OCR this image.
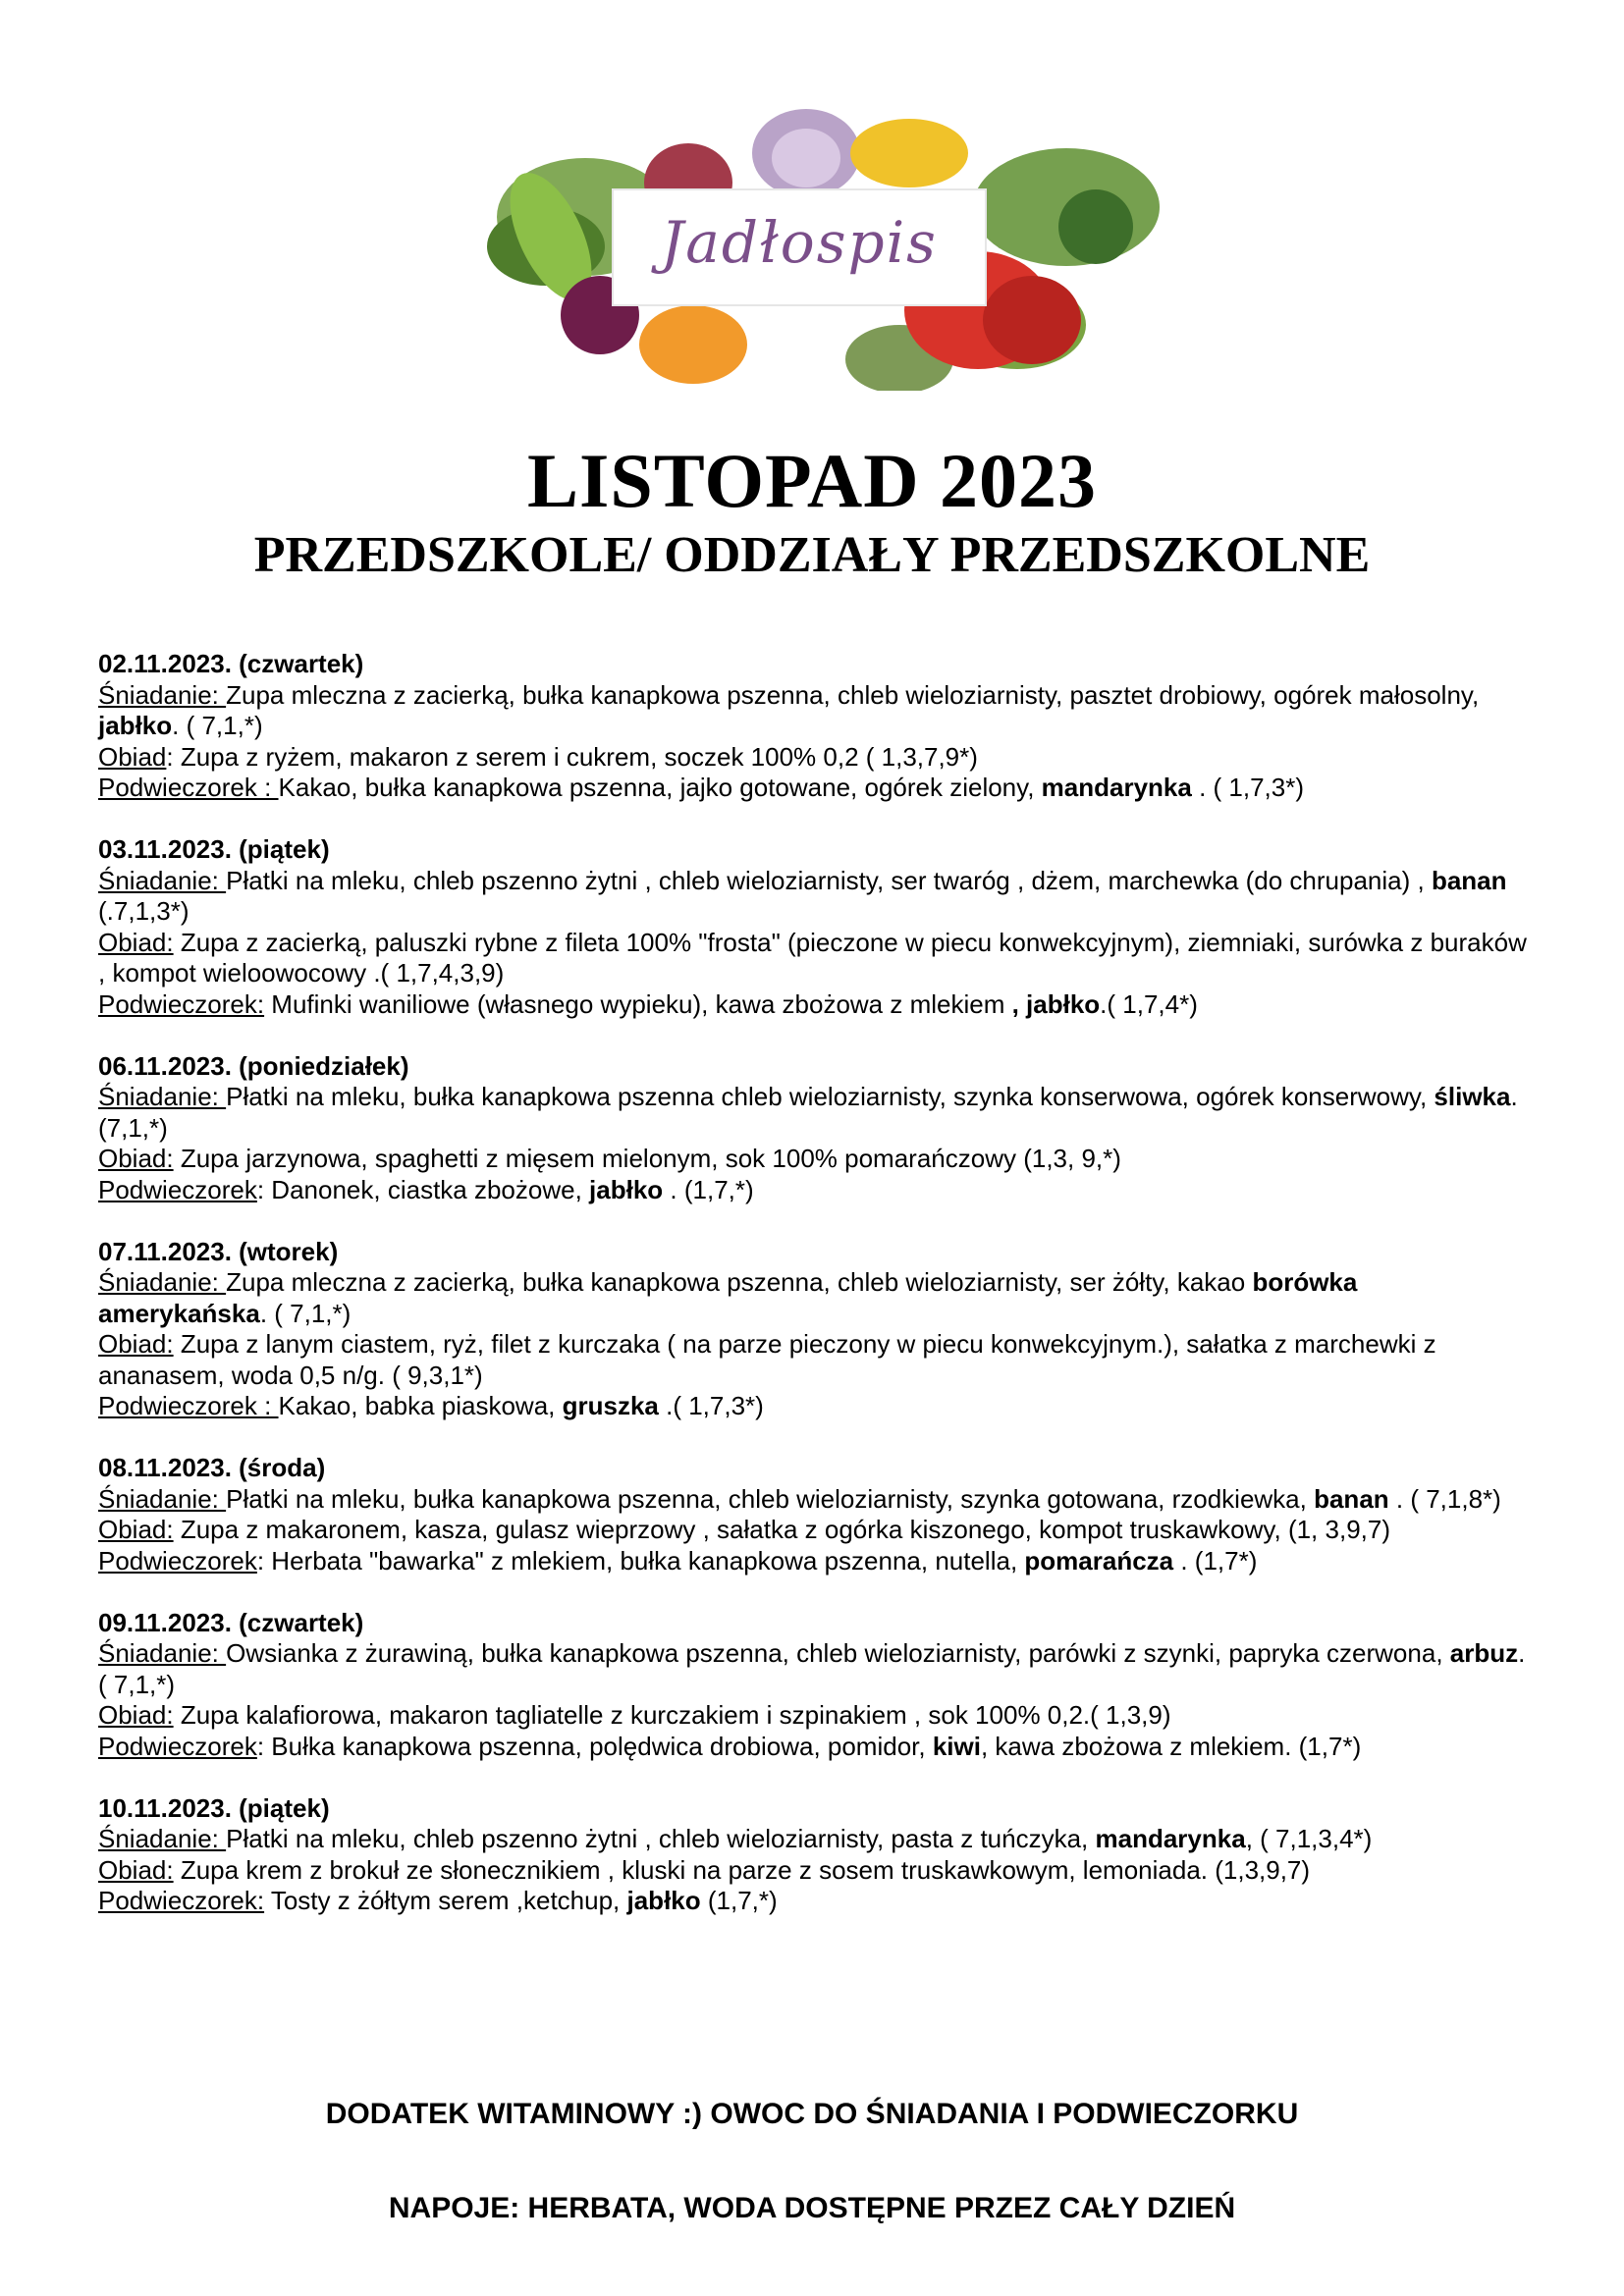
Jadłospis
LISTOPAD 2023
PRZEDSZKOLE/ ODDZIAŁY PRZEDSZKOLNE

02.11.2023. (czwartek)

Śniadanie: Zupa mleczna z zacierką, bułka kanapkowa pszenna, chleb wieloziarnisty, pasztet drobiowy, ogórek małosolny, jabłko. ( 7,1,*)

Obiad: Zupa z ryżem, makaron z serem i cukrem, soczek 100% 0,2 ( 1,3,7,9*)

Podwieczorek : Kakao, bułka kanapkowa pszenna, jajko gotowane, ogórek zielony, mandarynka . ( 1,7,3*)

03.11.2023. (piątek)

Śniadanie: Płatki na mleku, chleb pszenno żytni , chleb wieloziarnisty, ser twaróg , dżem, marchewka (do chrupania) , banan (.7,1,3*)

Obiad: Zupa z zacierką, paluszki rybne z fileta 100% "frosta" (pieczone w piecu konwekcyjnym), ziemniaki, surówka z buraków , kompot wieloowocowy .( 1,7,4,3,9)

Podwieczorek: Mufinki waniliowe (własnego wypieku), kawa zbożowa z mlekiem , jabłko.( 1,7,4*)

06.11.2023. (poniedziałek)

Śniadanie: Płatki na mleku, bułka kanapkowa pszenna chleb wieloziarnisty, szynka konserwowa, ogórek konserwowy, śliwka. (7,1,*)

Obiad: Zupa jarzynowa, spaghetti z mięsem mielonym, sok 100% pomarańczowy (1,3, 9,*)

Podwieczorek: Danonek, ciastka zbożowe, jabłko . (1,7,*)

07.11.2023. (wtorek)

Śniadanie: Zupa mleczna z zacierką, bułka kanapkowa pszenna, chleb wieloziarnisty, ser żółty, kakao borówka amerykańska. ( 7,1,*)

Obiad: Zupa z lanym ciastem, ryż, filet z kurczaka ( na parze pieczony w piecu konwekcyjnym.), sałatka z marchewki z ananasem, woda 0,5 n/g. ( 9,3,1*)

Podwieczorek : Kakao, babka piaskowa, gruszka .( 1,7,3*)

08.11.2023. (środa)

Śniadanie: Płatki na mleku, bułka kanapkowa pszenna, chleb wieloziarnisty, szynka gotowana, rzodkiewka, banan . ( 7,1,8*)

Obiad: Zupa z makaronem, kasza, gulasz wieprzowy , sałatka z ogórka kiszonego, kompot truskawkowy, (1, 3,9,7)

Podwieczorek: Herbata "bawarka" z mlekiem, bułka kanapkowa pszenna, nutella, pomarańcza . (1,7*)

09.11.2023. (czwartek)

Śniadanie: Owsianka z żurawiną, bułka kanapkowa pszenna, chleb wieloziarnisty, parówki z szynki, papryka czerwona, arbuz. ( 7,1,*)

Obiad: Zupa kalafiorowa, makaron tagliatelle z kurczakiem i szpinakiem , sok 100% 0,2.( 1,3,9)

Podwieczorek: Bułka kanapkowa pszenna, polędwica drobiowa, pomidor, kiwi, kawa zbożowa z mlekiem. (1,7*)

10.11.2023. (piątek)

Śniadanie: Płatki na mleku, chleb pszenno żytni , chleb wieloziarnisty, pasta z tuńczyka, mandarynka, ( 7,1,3,4*)

Obiad: Zupa krem z brokuł ze słonecznikiem , kluski na parze z sosem truskawkowym, lemoniada. (1,3,9,7)

Podwieczorek: Tosty z żółtym serem ,ketchup, jabłko (1,7,*)

DODATEK WITAMINOWY :) OWOC DO ŚNIADANIA I PODWIECZORKU

NAPOJE: HERBATA, WODA DOSTĘPNE PRZEZ CAŁY DZIEŃ
